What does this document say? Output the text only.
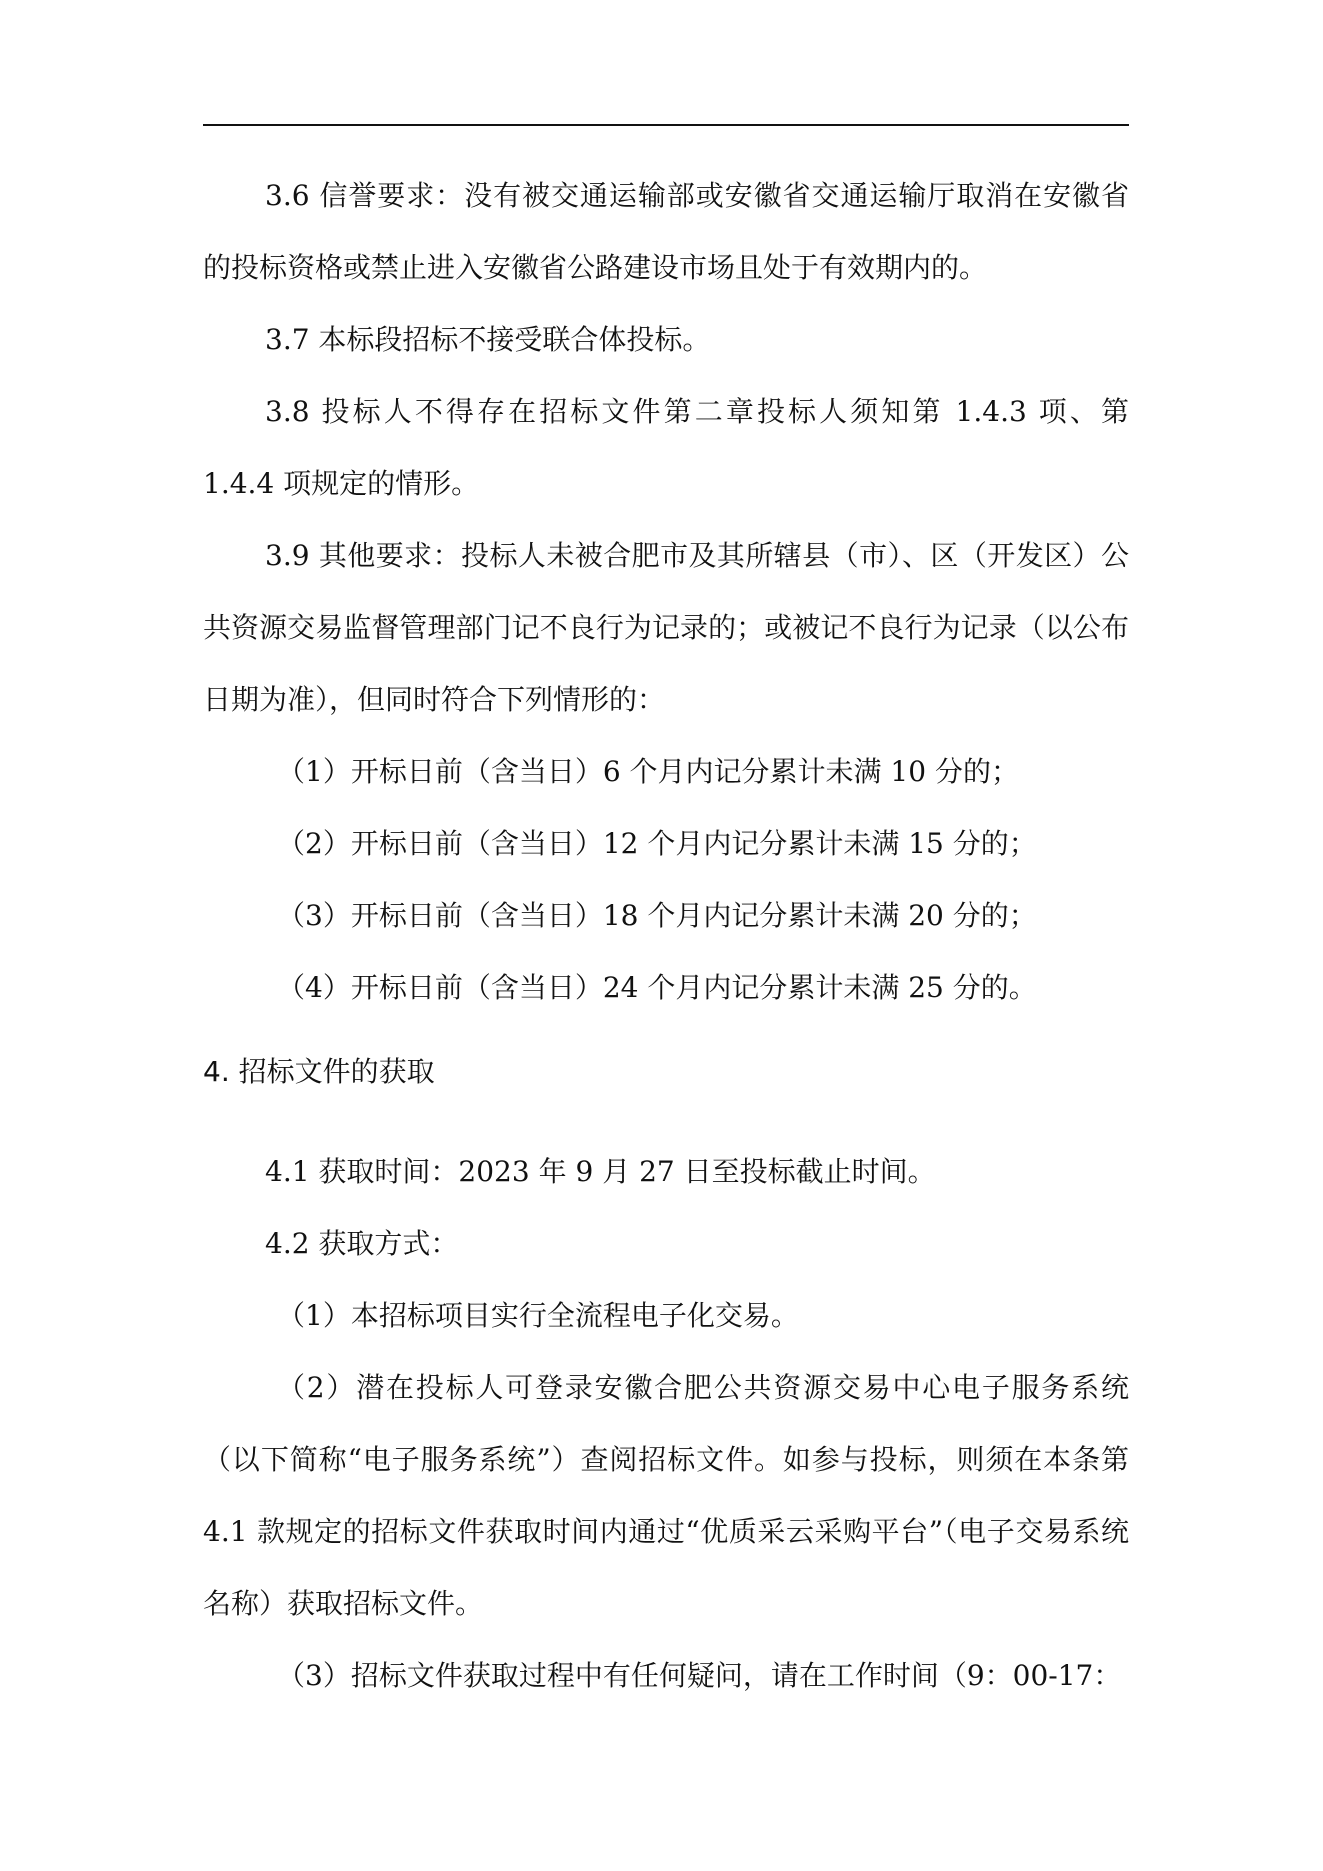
3.6 信誉要求：没有被交通运输部或安徽省交通运输厅取消在安徽省的投标资格或禁止进入安徽省公路建设市场且处于有效期内的。

3.7 本标段招标不接受联合体投标。

3.8 投标人不得存在招标文件第二章投标人须知第 1.4.3 项、第 1.4.4 项规定的情形。

3.9 其他要求：投标人未被合肥市及其所辖县（市）、区（开发区）公共资源交易监督管理部门记不良行为记录的；或被记不良行为记录（以公布日期为准），但同时符合下列情形的：

（1）开标日前（含当日）6 个月内记分累计未满 10 分的；

（2）开标日前（含当日）12 个月内记分累计未满 15 分的；

（3）开标日前（含当日）18 个月内记分累计未满 20 分的；

（4）开标日前（含当日）24 个月内记分累计未满 25 分的。

4. 招标文件的获取

4.1 获取时间：2023 年 9 月 27 日至投标截止时间。

4.2 获取方式：

（1）本招标项目实行全流程电子化交易。

（2）潜在投标人可登录安徽合肥公共资源交易中心电子服务系统（以下简称“电子服务系统”）查阅招标文件。如参与投标，则须在本条第 4.1 款规定的招标文件获取时间内通过“优质采云采购平台”（电子交易系统名称）获取招标文件。

（3）招标文件获取过程中有任何疑问，请在工作时间（9：00-17：
